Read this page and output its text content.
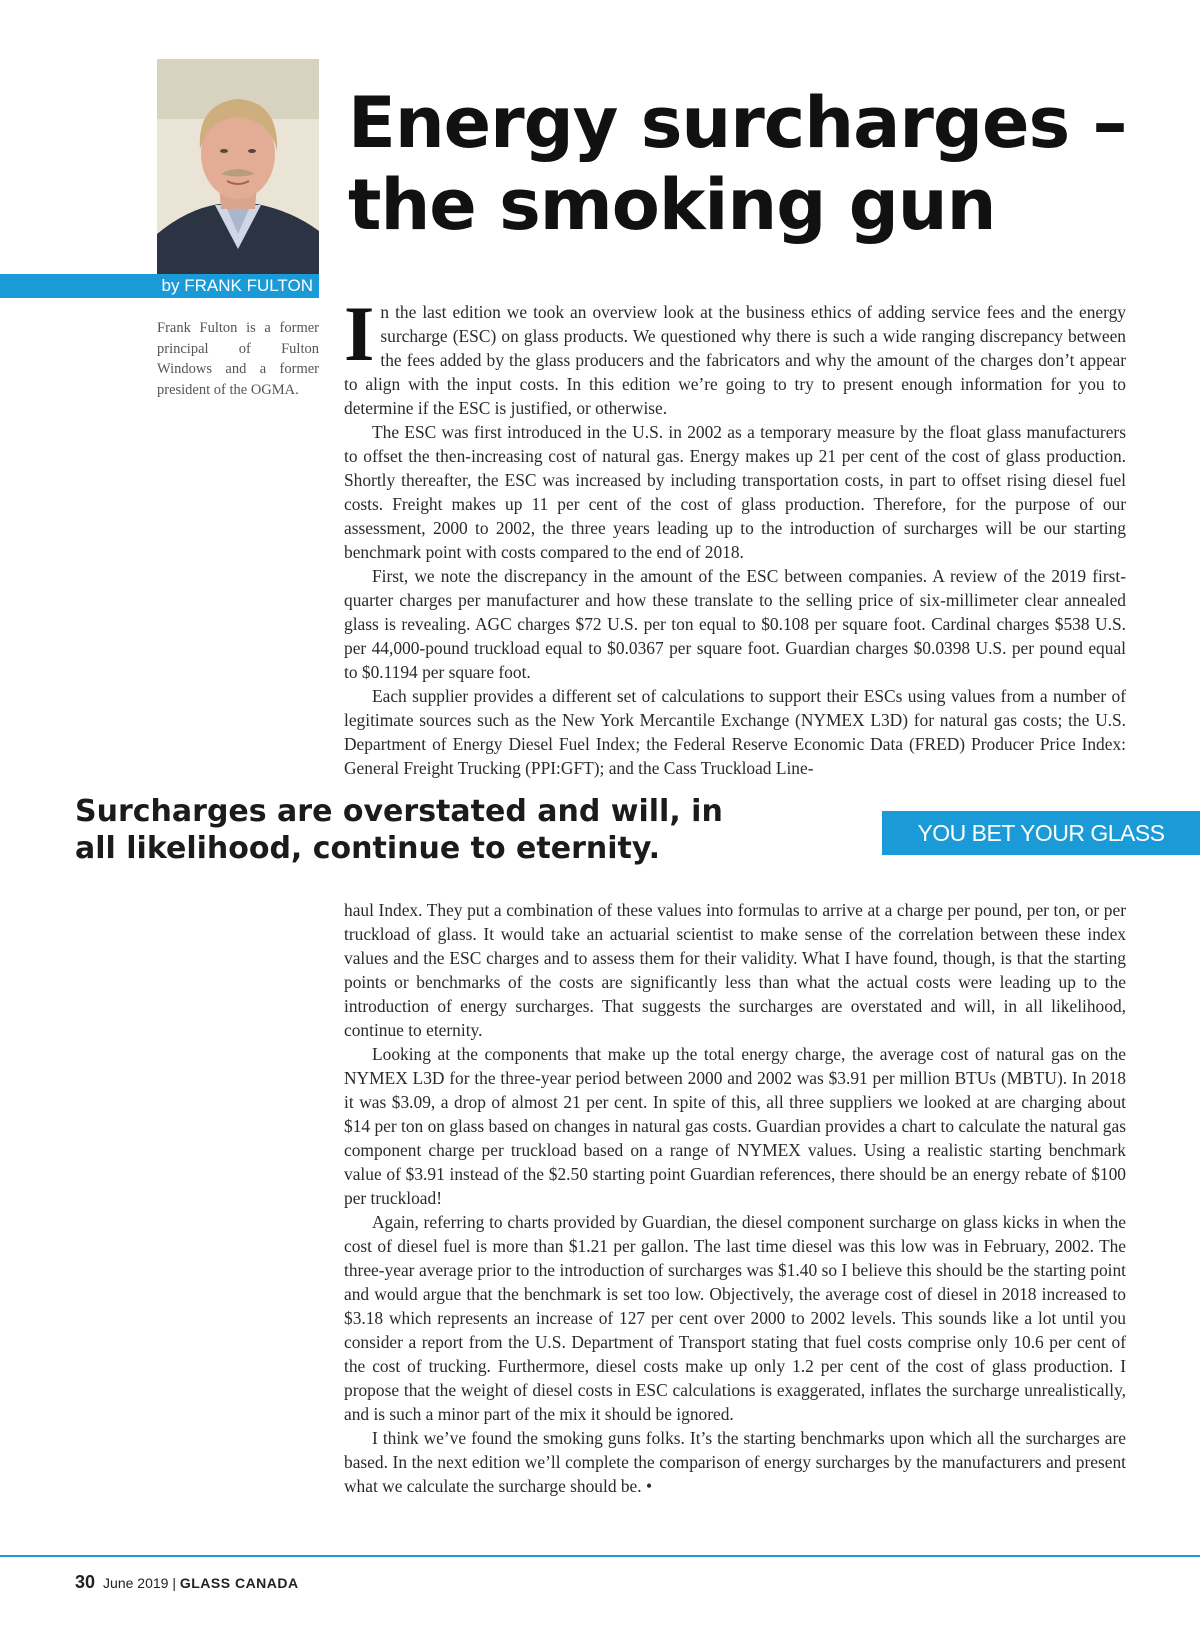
by FRANK FULTON
Frank Fulton is a former principal of Fulton Windows and a former president of the OGMA.
Energy surcharges – the smoking gun

In the last edition we took an overview look at the business ethics of adding service fees and the energy surcharge (ESC) on glass products. We questioned why there is such a wide ranging discrepancy between the fees added by the glass producers and the fabricators and why the amount of the charges don’t appear to align with the input costs. In this edition we’re going to try to present enough information for you to determine if the ESC is justified, or otherwise.

The ESC was first introduced in the U.S. in 2002 as a temporary measure by the float glass manufacturers to offset the then-increasing cost of natural gas. Energy makes up 21 per cent of the cost of glass production. Shortly thereafter, the ESC was increased by including transportation costs, in part to offset rising diesel fuel costs. Freight makes up 11 per cent of the cost of glass production. Therefore, for the purpose of our assessment, 2000 to 2002, the three years leading up to the introduction of surcharges will be our starting benchmark point with costs compared to the end of 2018.

First, we note the discrepancy in the amount of the ESC between companies. A review of the 2019 first-quarter charges per manufacturer and how these translate to the selling price of six-millimeter clear annealed glass is revealing. AGC charges $72 U.S. per ton equal to $0.108 per square foot. Cardinal charges $538 U.S. per 44,000-pound truckload equal to $0.0367 per square foot. Guardian charges $0.0398 U.S. per pound equal to $0.1194 per square foot.

Each supplier provides a different set of calculations to support their ESCs using values from a number of legitimate sources such as the New York Mercantile Exchange (NYMEX L3D) for natural gas costs; the U.S. Department of Energy Diesel Fuel Index; the Federal Reserve Economic Data (FRED) Producer Price Index: General Freight Trucking (PPI:GFT); and the Cass Truckload Line-

Surcharges are overstated and will, in all likelihood, continue to eternity.	YOU BET YOUR GLASS

haul Index. They put a combination of these values into formulas to arrive at a charge per pound, per ton, or per truckload of glass. It would take an actuarial scientist to make sense of the correlation between these index values and the ESC charges and to assess them for their validity. What I have found, though, is that the starting points or benchmarks of the costs are significantly less than what the actual costs were leading up to the introduction of energy surcharges. That suggests the surcharges are overstated and will, in all likelihood, continue to eternity.

Looking at the components that make up the total energy charge, the average cost of natural gas on the NYMEX L3D for the three-year period between 2000 and 2002 was $3.91 per million BTUs (MBTU). In 2018 it was $3.09, a drop of almost 21 per cent. In spite of this, all three suppliers we looked at are charging about $14 per ton on glass based on changes in natural gas costs. Guardian provides a chart to calculate the natural gas component charge per truckload based on a range of NYMEX values. Using a realistic starting benchmark value of $3.91 instead of the $2.50 starting point Guardian references, there should be an energy rebate of $100 per truckload!

Again, referring to charts provided by Guardian, the diesel component surcharge on glass kicks in when the cost of diesel fuel is more than $1.21 per gallon. The last time diesel was this low was in February, 2002. The three-year average prior to the introduction of surcharges was $1.40 so I believe this should be the starting point and would argue that the benchmark is set too low. Objectively, the average cost of diesel in 2018 increased to $3.18 which represents an increase of 127 per cent over 2000 to 2002 levels. This sounds like a lot until you consider a report from the U.S. Department of Transport stating that fuel costs comprise only 10.6 per cent of the cost of trucking. Furthermore, diesel costs make up only 1.2 per cent of the cost of glass production. I propose that the weight of diesel costs in ESC calculations is exaggerated, inflates the surcharge unrealistically, and is such a minor part of the mix it should be ignored.

I think we’ve found the smoking guns folks. It’s the starting benchmarks upon which all the surcharges are based. In the next edition we’ll complete the comparison of energy surcharges by the manufacturers and present what we calculate the surcharge should be. •

30 June 2019 | GLASS CANADA
